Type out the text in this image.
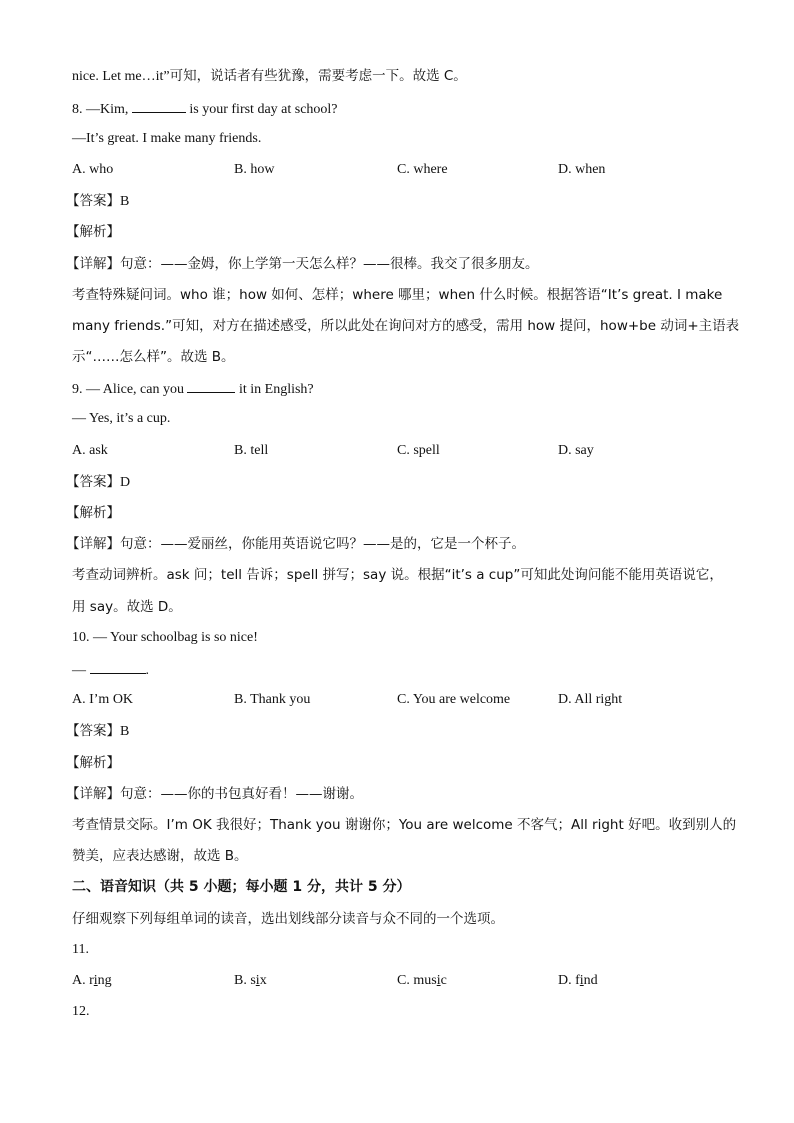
nice. Let me…it”可知，说话者有些犹豫，需要考虑一下。故选 C。
8. —Kim,	is your first day at school?
—It’s great. I make many friends.
A. who	B. how	C. where	D. when
【答案】B
【解析】
【详解】句意：——金姆，你上学第一天怎么样？——很棒。我交了很多朋友。
考查特殊疑问词。who 谁；how 如何、怎样；where 哪里；when 什么时候。根据答语“It’s great. I make
many friends.”可知，对方在描述感受，所以此处在询问对方的感受，需用 how 提问，how+be 动词+主语表
示“……怎么样”。故选 B。
9. — Alice, can you	it in English?
— Yes, it’s a cup.
A. ask	B. tell	C. spell	D. say
【答案】D
【解析】
【详解】句意：——爱丽丝，你能用英语说它吗？——是的，它是一个杯子。
考查动词辨析。ask 问；tell 告诉；spell 拼写；say 说。根据“it’s a cup”可知此处询问能不能用英语说它，
用 say。故选 D。
10. — Your schoolbag is so nice!
—	.
A. I’m OK	B. Thank you	C. You are welcome	D. All right
【答案】B
【解析】
【详解】句意：——你的书包真好看！——谢谢。
考查情景交际。I’m OK 我很好；Thank you 谢谢你；You are welcome 不客气；All right 好吧。收到别人的
赞美，应表达感谢，故选 B。
二、语音知识（共 5 小题；每小题 1 分，共计 5 分）
仔细观察下列每组单词的读音，选出划线部分读音与众不同的一个选项。
11.
A. ring	B. six	C. music	D. find
12.
